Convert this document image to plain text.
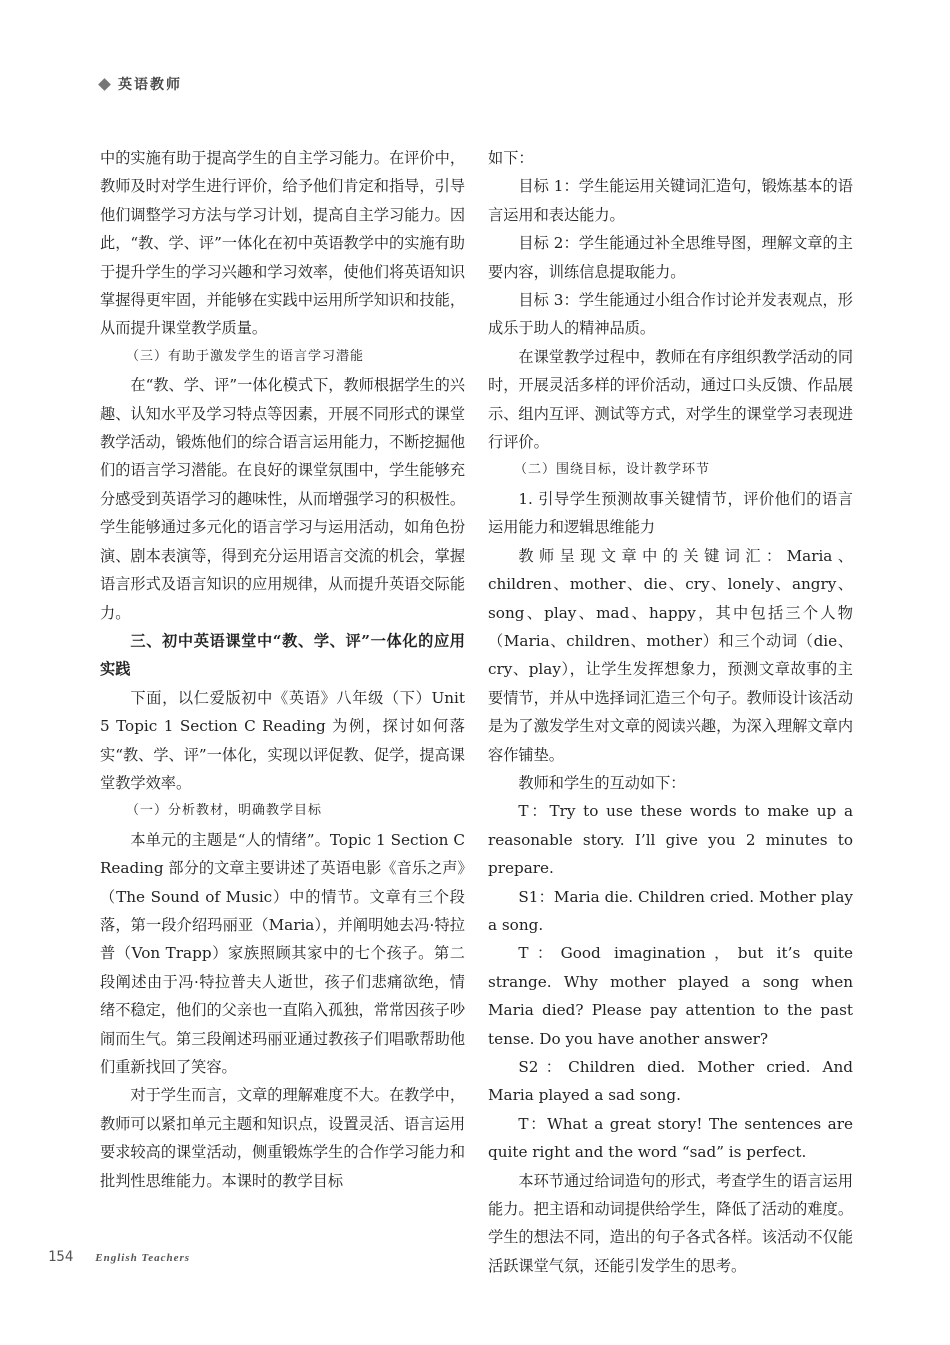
英语教师

中的实施有助于提高学生的自主学习能力。在评价中，教师及时对学生进行评价，给予他们肯定和指导，引导他们调整学习方法与学习计划，提高自主学习能力。因此，“教、学、评”一体化在初中英语教学中的实施有助于提升学生的学习兴趣和学习效率，使他们将英语知识掌握得更牢固，并能够在实践中运用所学知识和技能，从而提升课堂教学质量。

（三）有助于激发学生的语言学习潜能

在“教、学、评”一体化模式下，教师根据学生的兴趣、认知水平及学习特点等因素，开展不同形式的课堂教学活动，锻炼他们的综合语言运用能力，不断挖掘他们的语言学习潜能。在良好的课堂氛围中，学生能够充分感受到英语学习的趣味性，从而增强学习的积极性。学生能够通过多元化的语言学习与运用活动，如角色扮演、剧本表演等，得到充分运用语言交流的机会，掌握语言形式及语言知识的应用规律，从而提升英语交际能力。

三、初中英语课堂中“教、学、评”一体化的应用实践

下面，以仁爱版初中《英语》八年级（下）Unit 5 Topic 1 Section C Reading 为例，探讨如何落实“教、学、评”一体化，实现以评促教、促学，提高课堂教学效率。

（一）分析教材，明确教学目标

本单元的主题是“人的情绪”。Topic 1 Section C Reading 部分的文章主要讲述了英语电影《音乐之声》（The Sound of Music）中的情节。文章有三个段落，第一段介绍玛丽亚（Maria），并阐明她去冯·特拉普（Von Trapp）家族照顾其家中的七个孩子。第二段阐述由于冯·特拉普夫人逝世，孩子们悲痛欲绝，情绪不稳定，他们的父亲也一直陷入孤独，常常因孩子吵闹而生气。第三段阐述玛丽亚通过教孩子们唱歌帮助他们重新找回了笑容。

对于学生而言，文章的理解难度不大。在教学中，教师可以紧扣单元主题和知识点，设置灵活、语言运用要求较高的课堂活动，侧重锻炼学生的合作学习能力和批判性思维能力。本课时的教学目标

如下：

目标 1：学生能运用关键词汇造句，锻炼基本的语言运用和表达能力。

目标 2：学生能通过补全思维导图，理解文章的主要内容，训练信息提取能力。

目标 3：学生能通过小组合作讨论并发表观点，形成乐于助人的精神品质。

在课堂教学过程中，教师在有序组织教学活动的同时，开展灵活多样的评价活动，通过口头反馈、作品展示、组内互评、测试等方式，对学生的课堂学习表现进行评价。

（二）围绕目标，设计教学环节

1. 引导学生预测故事关键情节，评价他们的语言运用能力和逻辑思维能力

教师呈现文章中的关键词汇：Maria、children、mother、die、cry、lonely、angry、song、play、mad、happy，其中包括三个人物（Maria、children、mother）和三个动词（die、cry、play），让学生发挥想象力，预测文章故事的主要情节，并从中选择词汇造三个句子。教师设计该活动是为了激发学生对文章的阅读兴趣，为深入理解文章内容作铺垫。

教师和学生的互动如下：

T：Try to use these words to make up a reasonable story. I’ll give you 2 minutes to prepare.

S1：Maria die. Children cried. Mother play a song.

T：Good imagination，but it’s quite strange. Why mother played a song when Maria died? Please pay attention to the past tense. Do you have another answer?

S2：Children died. Mother cried. And Maria played a sad song.

T：What a great story! The sentences are quite right and the word “sad” is perfect.

本环节通过给词造句的形式，考查学生的语言运用能力。把主语和动词提供给学生，降低了活动的难度。学生的想法不同，造出的句子各式各样。该活动不仅能活跃课堂气氛，还能引发学生的思考。

154 English Teachers
